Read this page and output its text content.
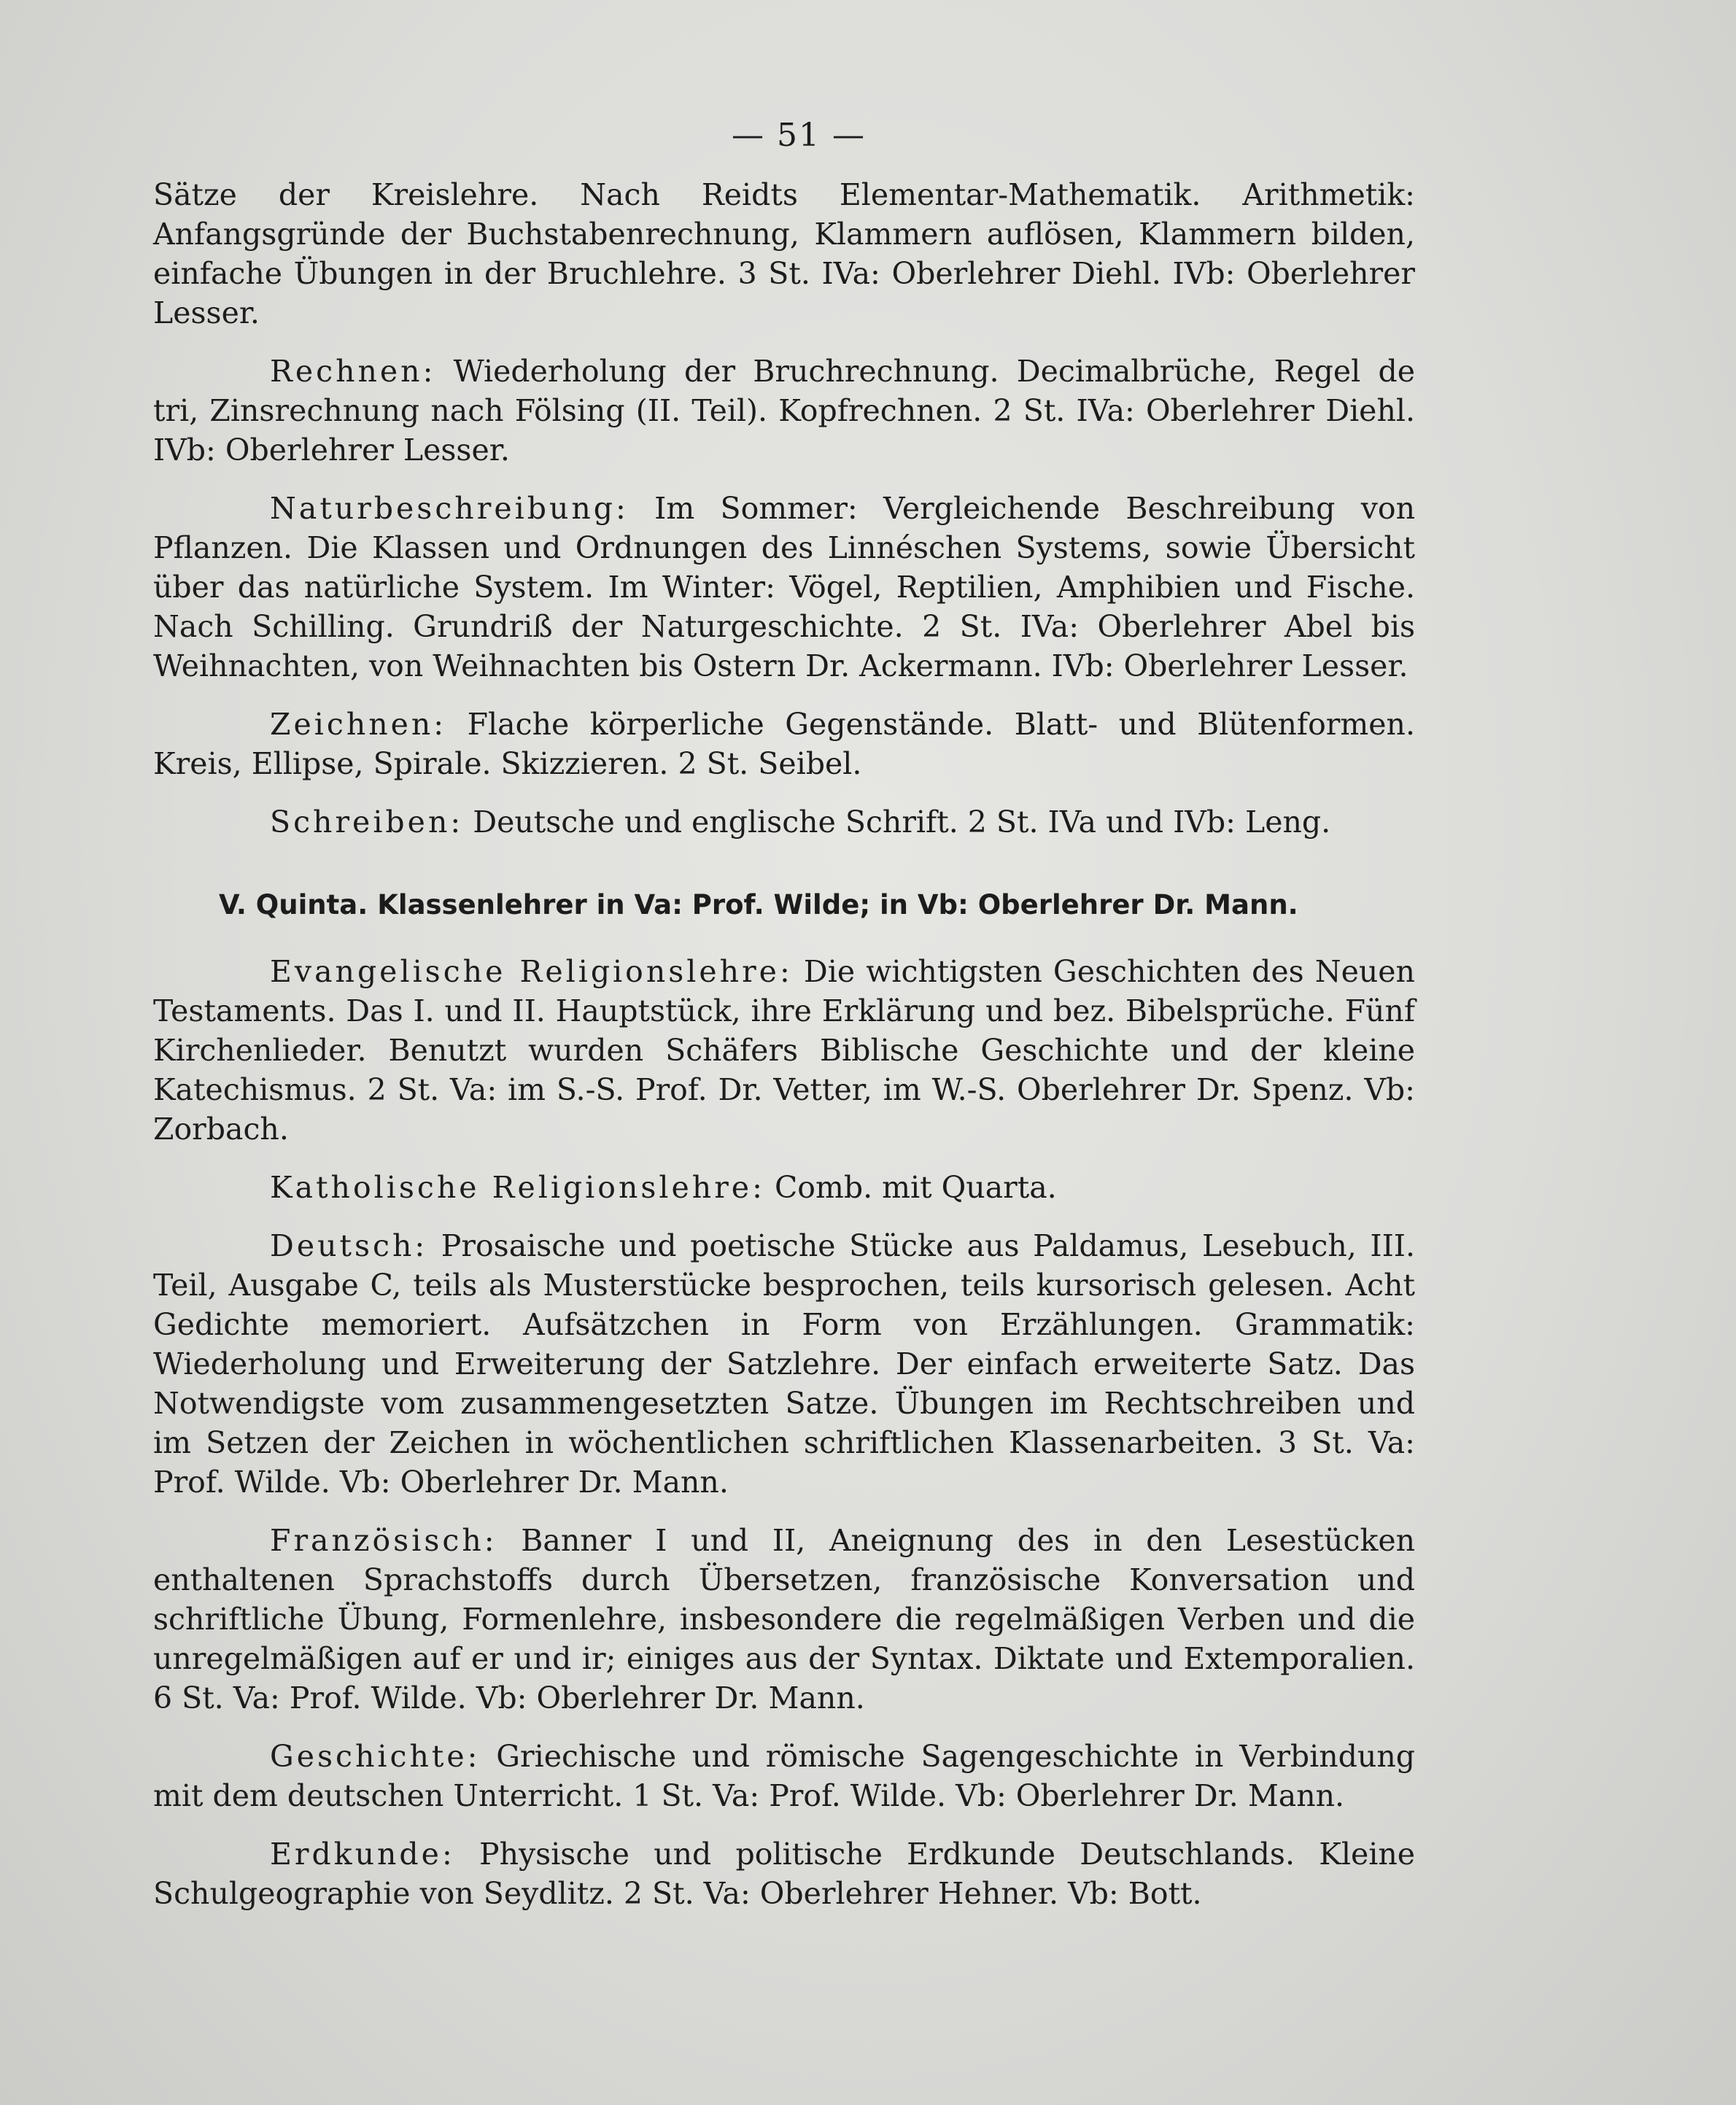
— 51 —

Sätze der Kreislehre. Nach Reidts Elementar-Mathematik. Arithmetik: Anfangsgründe der Buchstabenrechnung, Klammern auflösen, Klammern bilden, einfache Übungen in der Bruchlehre. 3 St. IVa: Oberlehrer Diehl. IVb: Oberlehrer Lesser.

Rechnen: Wiederholung der Bruchrechnung. Decimalbrüche, Regel de tri, Zinsrechnung nach Fölsing (II. Teil). Kopfrechnen. 2 St. IVa: Oberlehrer Diehl. IVb: Oberlehrer Lesser.

Naturbeschreibung: Im Sommer: Vergleichende Beschreibung von Pflanzen. Die Klassen und Ordnungen des Linnéschen Systems, sowie Übersicht über das natürliche System. Im Winter: Vögel, Reptilien, Amphibien und Fische. Nach Schilling. Grundriß der Naturgeschichte. 2 St. IVa: Oberlehrer Abel bis Weihnachten, von Weihnachten bis Ostern Dr. Ackermann. IVb: Oberlehrer Lesser.

Zeichnen: Flache körperliche Gegenstände. Blatt- und Blütenformen. Kreis, Ellipse, Spirale. Skizzieren. 2 St. Seibel.

Schreiben: Deutsche und englische Schrift. 2 St. IVa und IVb: Leng.

V. Quinta. Klassenlehrer in Va: Prof. Wilde; in Vb: Oberlehrer Dr. Mann.

Evangelische Religionslehre: Die wichtigsten Geschichten des Neuen Testaments. Das I. und II. Hauptstück, ihre Erklärung und bez. Bibelsprüche. Fünf Kirchenlieder. Benutzt wurden Schäfers Biblische Geschichte und der kleine Katechismus. 2 St. Va: im S.-S. Prof. Dr. Vetter, im W.-S. Oberlehrer Dr. Spenz. Vb: Zorbach.

Katholische Religionslehre: Comb. mit Quarta.

Deutsch: Prosaische und poetische Stücke aus Paldamus, Lesebuch, III. Teil, Ausgabe C, teils als Musterstücke besprochen, teils kursorisch gelesen. Acht Gedichte memoriert. Aufsätzchen in Form von Erzählungen. Grammatik: Wiederholung und Erweiterung der Satzlehre. Der einfach erweiterte Satz. Das Notwendigste vom zusammengesetzten Satze. Übungen im Rechtschreiben und im Setzen der Zeichen in wöchentlichen schriftlichen Klassenarbeiten. 3 St. Va: Prof. Wilde. Vb: Oberlehrer Dr. Mann.

Französisch: Banner I und II, Aneignung des in den Lesestücken enthaltenen Sprachstoffs durch Übersetzen, französische Konversation und schriftliche Übung, Formenlehre, insbesondere die regelmäßigen Verben und die unregelmäßigen auf er und ir; einiges aus der Syntax. Diktate und Extemporalien. 6 St. Va: Prof. Wilde. Vb: Oberlehrer Dr. Mann.

Geschichte: Griechische und römische Sagengeschichte in Verbindung mit dem deutschen Unterricht. 1 St. Va: Prof. Wilde. Vb: Oberlehrer Dr. Mann.

Erdkunde: Physische und politische Erdkunde Deutschlands. Kleine Schulgeographie von Seydlitz. 2 St. Va: Oberlehrer Hehner. Vb: Bott.
